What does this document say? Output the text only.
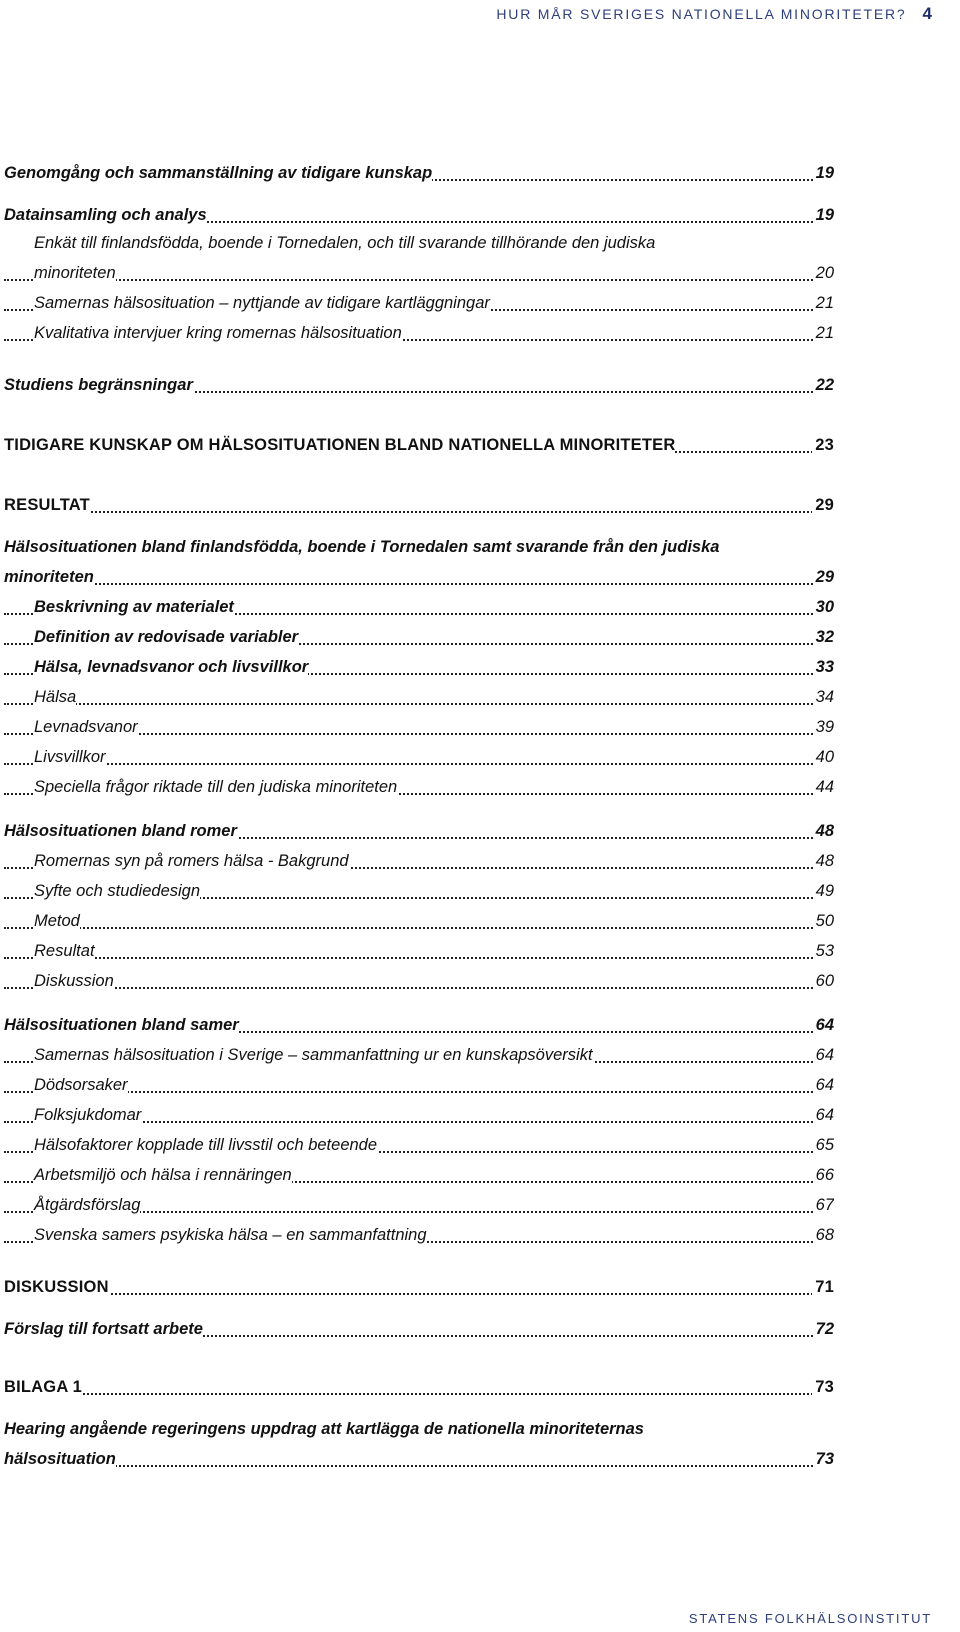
HUR MÅR SVERIGES NATIONELLA MINORITETER? 4
Genomgång och sammanställning av tidigare kunskap	19
Datainsamling och analys	19
Enkät till finlandsfödda, boende i Tornedalen, och till svarande tillhörande den judiska
minoriteten	20
Samernas hälsosituation – nyttjande av tidigare kartläggningar	21
Kvalitativa intervjuer kring romernas hälsosituation	21
Studiens begränsningar	22
TIDIGARE KUNSKAP OM HÄLSOSITUATIONEN BLAND NATIONELLA MINORITETER	23
RESULTAT	29
Hälsosituationen bland finlandsfödda, boende i Tornedalen samt svarande från den judiska
minoriteten	29
Beskrivning av materialet	30
Definition av redovisade variabler	32
Hälsa, levnadsvanor och livsvillkor	33
Hälsa	34
Levnadsvanor	39
Livsvillkor	40
Speciella frågor riktade till den judiska minoriteten	44
Hälsosituationen bland romer	48
Romernas syn på romers hälsa - Bakgrund	48
Syfte och studiedesign	49
Metod	50
Resultat	53
Diskussion	60
Hälsosituationen bland samer	64
Samernas hälsosituation i Sverige – sammanfattning ur en kunskapsöversikt	64
Dödsorsaker	64
Folksjukdomar	64
Hälsofaktorer kopplade till livsstil och beteende	65
Arbetsmiljö och hälsa i rennäringen	66
Åtgärdsförslag	67
Svenska samers psykiska hälsa – en sammanfattning	68
DISKUSSION	71
Förslag till fortsatt arbete	72
BILAGA 1	73
Hearing angående regeringens uppdrag att kartlägga de nationella minoriteternas
hälsosituation	73
STATENS FOLKHÄLSOINSTITUT
